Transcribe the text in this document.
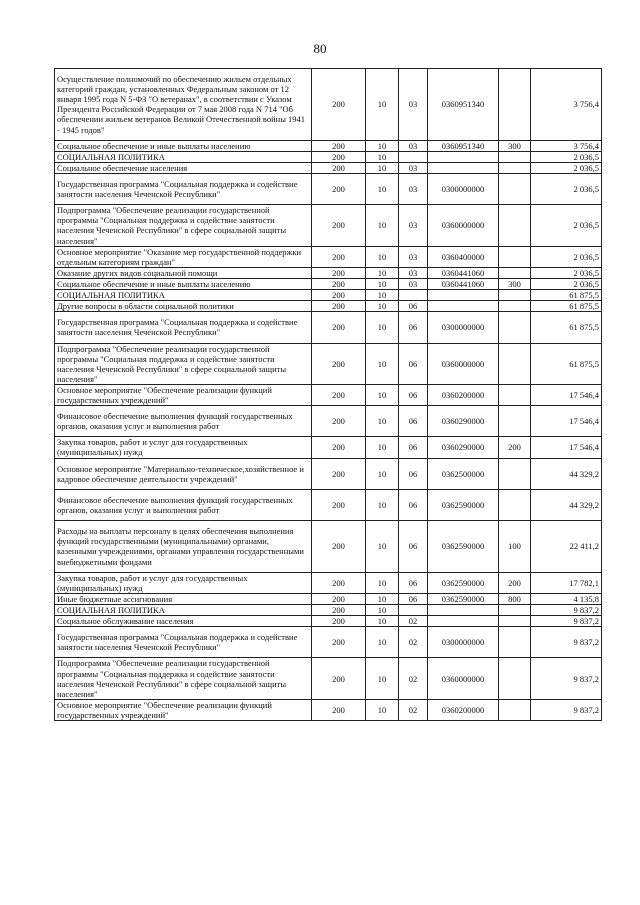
80
Осуществление полномочий по обеспечению жильем отдельных категорий граждан, установленных Федеральным законом от 12 января 1995 года N 5-ФЗ "О ветеранах", в соответствии с Указом Президента Российской Федерации от 7 мая 2008 года N 714 "Об обеспечении жильем ветеранов Великой Отечественной войны 1941 - 1945 годов"	200	10	03	0360951340		3 756,4
Социальное обеспечение и иные выплаты населению	200	10	03	0360951340	300	3 756,4
СОЦИАЛЬНАЯ ПОЛИТИКА	200	10				2 036,5
Социальное обеспечение населения	200	10	03			2 036,5
Государственная программа "Социальная поддержка и содействие занятости населения Чеченской Республики"	200	10	03	0300000000		2 036,5
Подпрограмма "Обеспечение реализации государственной программы "Социальная поддержка и содействие занятости населения Чеченской Республики" в сфере социальной защиты населения"	200	10	03	0360000000		2 036,5
Основное мероприятие "Оказание мер государственной поддержки отдельным категориям граждан"	200	10	03	0360400000		2 036,5
Оказание других видов социальной помощи	200	10	03	0360441060		2 036,5
Социальное обеспечение и иные выплаты населению	200	10	03	0360441060	300	2 036,5
СОЦИАЛЬНАЯ ПОЛИТИКА	200	10				61 875,5
Другие вопросы в области социальной политики	200	10	06			61 875,5
Государственная программа "Социальная поддержка и содействие занятости населения Чеченской Республики"	200	10	06	0300000000		61 875,5
Подпрограмма "Обеспечение реализации государственной программы "Социальная поддержка и содействие занятости населения Чеченской Республики" в сфере социальной защиты населения"	200	10	06	0360000000		61 875,5
Основное мероприятие "Обеспечение реализации функций государственных учреждений"	200	10	06	0360200000		17 546,4
Финансовое обеспечение выполнения функций государственных органов, оказания услуг и выполнения работ	200	10	06	0360290000		17 546,4
Закупка товаров, работ и услуг для государственных (муниципальных) нужд	200	10	06	0360290000	200	17 546,4
Основное мероприятие "Материально-техническое,хозяйственное и кадровое обеспечение деятельности учреждений"	200	10	06	0362500000		44 329,2
Финансовое обеспечение выполнения функций государственных органов, оказания услуг и выполнения работ	200	10	06	0362590000		44 329,2
Расходы на выплаты персоналу в целях обеспечения выполнения функций государственными (муниципальными) органами, казенными учреждениями, органами управления государственными внебюджетными фондами	200	10	06	0362590000	100	22 411,2
Закупка товаров, работ и услуг для государственных (муниципальных) нужд	200	10	06	0362590000	200	17 782,1
Иные бюджетные ассигнования	200	10	06	0362590000	800	4 135,8
СОЦИАЛЬНАЯ ПОЛИТИКА	200	10				9 837,2
Социальное обслуживание населения	200	10	02			9 837,2
Государственная программа "Социальная поддержка и содействие занятости населения Чеченской Республики"	200	10	02	0300000000		9 837,2
Подпрограмма "Обеспечение реализации государственной программы "Социальная поддержка и содействие занятости населения Чеченской Республики" в сфере социальной защиты населения"	200	10	02	0360000000		9 837,2
Основное мероприятие "Обеспечение реализации функций государственных учреждений"	200	10	02	0360200000		9 837,2
